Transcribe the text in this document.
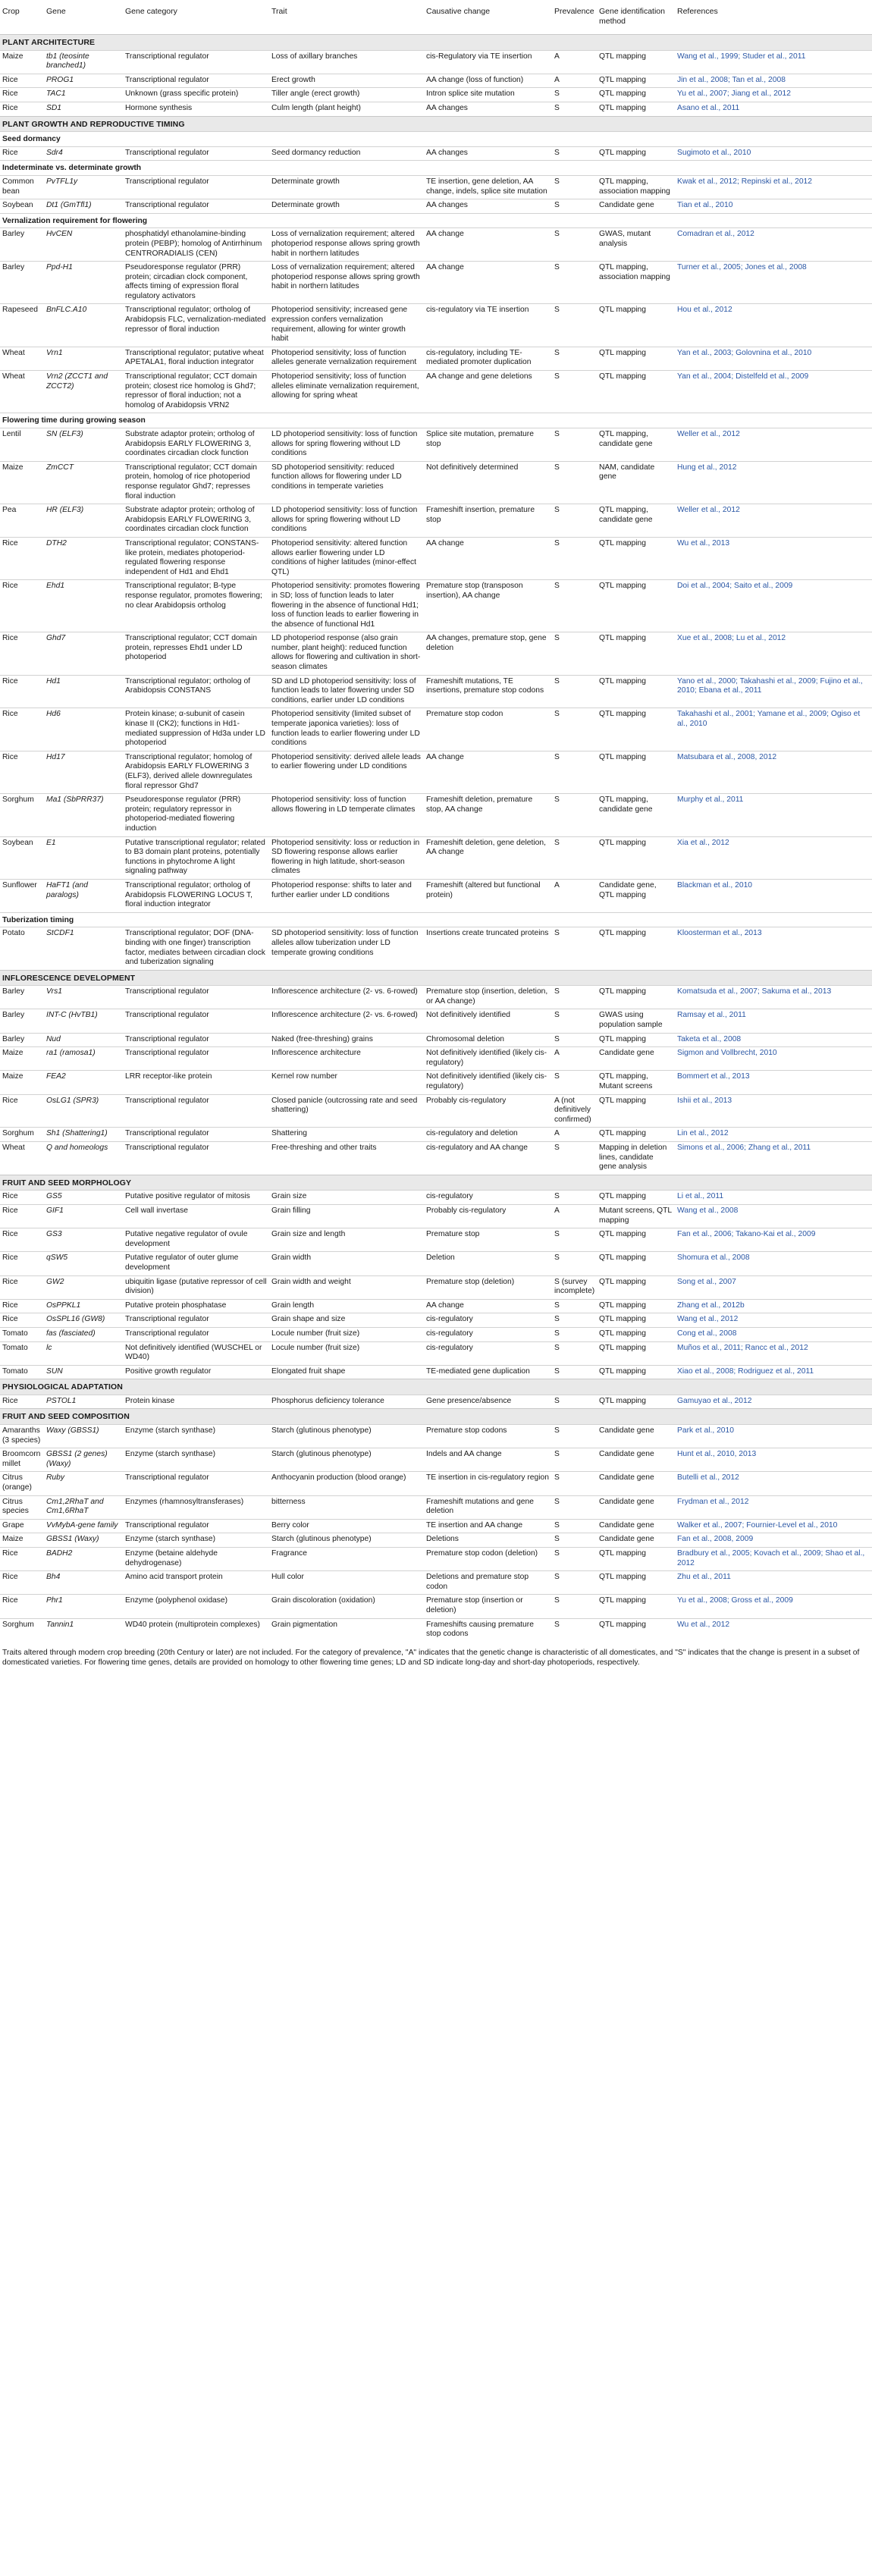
Crop	Gene	Gene category	Trait	Causative change	Prevalence	Gene identification method	References
PLANT ARCHITECTURE							
Maize	tb1 (teosinte branched1)	Transcriptional regulator	Loss of axillary branches	cis-Regulatory via TE insertion	A	QTL mapping	Wang et al., 1999; Studer et al., 2011
Rice	PROG1	Transcriptional regulator	Erect growth	AA change (loss of function)	A	QTL mapping	Jin et al., 2008; Tan et al., 2008
Rice	TAC1	Unknown (grass specific protein)	Tiller angle (erect growth)	Intron splice site mutation	S	QTL mapping	Yu et al., 2007; Jiang et al., 2012
Rice	SD1	Hormone synthesis	Culm length (plant height)	AA changes	S	QTL mapping	Asano et al., 2011
PLANT GROWTH AND REPRODUCTIVE TIMING							
Seed dormancy							
Rice	Sdr4	Transcriptional regulator	Seed dormancy reduction	AA changes	S	QTL mapping	Sugimoto et al., 2010
Indeterminate vs. determinate growth							
Common bean	PvTFL1y	Transcriptional regulator	Determinate growth	TE insertion, gene deletion, AA change, indels, splice site mutation	S	QTL mapping, association mapping	Kwak et al., 2012; Repinski et al., 2012
Soybean	Dt1 (GmTfl1)	Transcriptional regulator	Determinate growth	AA changes	S	Candidate gene	Tian et al., 2010
Vernalization requirement for flowering							
Barley	HvCEN	phosphatidyl ethanolamine-binding protein (PEBP); homolog of Antirrhinum CENTRORADIALIS (CEN)	Loss of vernalization requirement; altered photoperiod response allows spring growth habit in northern latitudes	AA change	S	GWAS, mutant analysis	Comadran et al., 2012
Barley	Ppd-H1	Pseudoresponse regulator (PRR) protein; circadian clock component, affects timing of expression floral regulatory activators	Loss of vernalization requirement; altered photoperiod response allows spring growth habit in northern latitudes	AA change	S	QTL mapping, association mapping	Turner et al., 2005; Jones et al., 2008
Rapeseed	BnFLC.A10	Transcriptional regulator; ortholog of Arabidopsis FLC, vernalization-mediated repressor of floral induction	Photoperiod sensitivity; increased gene expression confers vernalization requirement, allowing for winter growth habit	cis-regulatory via TE insertion	S	QTL mapping	Hou et al., 2012
Wheat	Vrn1	Transcriptional regulator; putative wheat APETALA1, floral induction integrator	Photoperiod sensitivity; loss of function alleles generate vernalization requirement	cis-regulatory, including TE-mediated promoter duplication	S	QTL mapping	Yan et al., 2003; Golovnina et al., 2010
Wheat	Vrn2 (ZCCT1 and ZCCT2)	Transcriptional regulator; CCT domain protein; closest rice homolog is Ghd7; repressor of floral induction; not a homolog of Arabidopsis VRN2	Photoperiod sensitivity; loss of function alleles eliminate vernalization requirement, allowing for spring wheat	AA change and gene deletions	S	QTL mapping	Yan et al., 2004; Distelfeld et al., 2009
Flowering time during growing season							
Lentil	SN (ELF3)	Substrate adaptor protein; ortholog of Arabidopsis EARLY FLOWERING 3, coordinates circadian clock function	LD photoperiod sensitivity: loss of function allows for spring flowering without LD conditions	Splice site mutation, premature stop	S	QTL mapping, candidate gene	Weller et al., 2012
Maize	ZmCCT	Transcriptional regulator; CCT domain protein, homolog of rice photoperiod response regulator Ghd7; represses floral induction	SD photoperiod sensitivity: reduced function allows for flowering under LD conditions in temperate varieties	Not definitively determined	S	NAM, candidate gene	Hung et al., 2012
Pea	HR (ELF3)	Substrate adaptor protein; ortholog of Arabidopsis EARLY FLOWERING 3, coordinates circadian clock function	LD photoperiod sensitivity: loss of function allows for spring flowering without LD conditions	Frameshift insertion, premature stop	S	QTL mapping, candidate gene	Weller et al., 2012
Rice	DTH2	Transcriptional regulator; CONSTANS-like protein, mediates photoperiod-regulated flowering response independent of Hd1 and Ehd1	Photoperiod sensitivity: altered function allows earlier flowering under LD conditions of higher latitudes (minor-effect QTL)	AA change	S	QTL mapping	Wu et al., 2013
Rice	Ehd1	Transcriptional regulator; B-type response regulator, promotes flowering; no clear Arabidopsis ortholog	Photoperiod sensitivity: promotes flowering in SD; loss of function leads to later flowering in the absence of functional Hd1; loss of function leads to earlier flowering in the absence of functional Hd1	Premature stop (transposon insertion), AA change	S	QTL mapping	Doi et al., 2004; Saito et al., 2009
Rice	Ghd7	Transcriptional regulator; CCT domain protein, represses Ehd1 under LD photoperiod	LD photoperiod response (also grain number, plant height): reduced function allows for flowering and cultivation in short-season climates	AA changes, premature stop, gene deletion	S	QTL mapping	Xue et al., 2008; Lu et al., 2012
Rice	Hd1	Transcriptional regulator; ortholog of Arabidopsis CONSTANS	SD and LD photoperiod sensitivity: loss of function leads to later flowering under SD conditions, earlier under LD conditions	Frameshift mutations, TE insertions, premature stop codons	S	QTL mapping	Yano et al., 2000; Takahashi et al., 2009; Fujino et al., 2010; Ebana et al., 2011
Rice	Hd6	Protein kinase; α-subunit of casein kinase II (CK2); functions in Hd1-mediated suppression of Hd3a under LD photoperiod	Photoperiod sensitivity (limited subset of temperate japonica varieties): loss of function leads to earlier flowering under LD conditions	Premature stop codon	S	QTL mapping	Takahashi et al., 2001; Yamane et al., 2009; Ogiso et al., 2010
Rice	Hd17	Transcriptional regulator; homolog of Arabidopsis EARLY FLOWERING 3 (ELF3), derived allele downregulates floral repressor Ghd7	Photoperiod sensitivity: derived allele leads to earlier flowering under LD conditions	AA change	S	QTL mapping	Matsubara et al., 2008, 2012
Sorghum	Ma1 (SbPRR37)	Pseudoresponse regulator (PRR) protein; regulatory repressor in photoperiod-mediated flowering induction	Photoperiod sensitivity: loss of function allows flowering in LD temperate climates	Frameshift deletion, premature stop, AA change	S	QTL mapping, candidate gene	Murphy et al., 2011
Soybean	E1	Putative transcriptional regulator; related to B3 domain plant proteins, potentially functions in phytochrome A light signaling pathway	Photoperiod sensitivity: loss or reduction in SD flowering response allows earlier flowering in high latitude, short-season climates	Frameshift deletion, gene deletion, AA change	S	QTL mapping	Xia et al., 2012
Sunflower	HaFT1 (and paralogs)	Transcriptional regulator; ortholog of Arabidopsis FLOWERING LOCUS T, floral induction integrator	Photoperiod response: shifts to later and further earlier under LD conditions	Frameshift (altered but functional protein)	A	Candidate gene, QTL mapping	Blackman et al., 2010
Tuberization timing							
Potato	StCDF1	Transcriptional regulator; DOF (DNA-binding with one finger) transcription factor, mediates between circadian clock and tuberization signaling	SD photoperiod sensitivity: loss of function alleles allow tuberization under LD temperate growing conditions	Insertions create truncated proteins	S	QTL mapping	Kloosterman et al., 2013
INFLORESCENCE DEVELOPMENT							
Barley	Vrs1	Transcriptional regulator	Inflorescence architecture (2- vs. 6-rowed)	Premature stop (insertion, deletion, or AA change)	S	QTL mapping	Komatsuda et al., 2007; Sakuma et al., 2013
Barley	INT-C (HvTB1)	Transcriptional regulator	Inflorescence architecture (2- vs. 6-rowed)	Not definitively identified	S	GWAS using population sample	Ramsay et al., 2011
Barley	Nud	Transcriptional regulator	Naked (free-threshing) grains	Chromosomal deletion	S	QTL mapping	Taketa et al., 2008
Maize	ra1 (ramosa1)	Transcriptional regulator	Inflorescence architecture	Not definitively identified (likely cis-regulatory)	A	Candidate gene	Sigmon and Vollbrecht, 2010
Maize	FEA2	LRR receptor-like protein	Kernel row number	Not definitively identified (likely cis-regulatory)	S	QTL mapping, Mutant screens	Bommert et al., 2013
Rice	OsLG1 (SPR3)	Transcriptional regulator	Closed panicle (outcrossing rate and seed shattering)	Probably cis-regulatory	A (not definitively confirmed)	QTL mapping	Ishii et al., 2013
Sorghum	Sh1 (Shattering1)	Transcriptional regulator	Shattering	cis-regulatory and deletion	A	QTL mapping	Lin et al., 2012
Wheat	Q and homeologs	Transcriptional regulator	Free-threshing and other traits	cis-regulatory and AA change	S	Mapping in deletion lines, candidate gene analysis	Simons et al., 2006; Zhang et al., 2011
FRUIT AND SEED MORPHOLOGY							
Rice	GS5	Putative positive regulator of mitosis	Grain size	cis-regulatory	S	QTL mapping	Li et al., 2011
Rice	GIF1	Cell wall invertase	Grain filling	Probably cis-regulatory	A	Mutant screens, QTL mapping	Wang et al., 2008
Rice	GS3	Putative negative regulator of ovule development	Grain size and length	Premature stop	S	QTL mapping	Fan et al., 2006; Takano-Kai et al., 2009
Rice	qSW5	Putative regulator of outer glume development	Grain width	Deletion	S	QTL mapping	Shomura et al., 2008
Rice	GW2	ubiquitin ligase (putative repressor of cell division)	Grain width and weight	Premature stop (deletion)	S (survey incomplete)	QTL mapping	Song et al., 2007
Rice	OsPPKL1	Putative protein phosphatase	Grain length	AA change	S	QTL mapping	Zhang et al., 2012b
Rice	OsSPL16 (GW8)	Transcriptional regulator	Grain shape and size	cis-regulatory	S	QTL mapping	Wang et al., 2012
Tomato	fas (fasciated)	Transcriptional regulator	Locule number (fruit size)	cis-regulatory	S	QTL mapping	Cong et al., 2008
Tomato	lc	Not definitively identified (WUSCHEL or WD40)	Locule number (fruit size)	cis-regulatory	S	QTL mapping	Muños et al., 2011; Rancc et al., 2012
Tomato	SUN	Positive growth regulator	Elongated fruit shape	TE-mediated gene duplication	S	QTL mapping	Xiao et al., 2008; Rodriguez et al., 2011
PHYSIOLOGICAL ADAPTATION							
Rice	PSTOL1	Protein kinase	Phosphorus deficiency tolerance	Gene presence/absence	S	QTL mapping	Gamuyao et al., 2012
FRUIT AND SEED COMPOSITION							
Amaranths (3 species)	Waxy (GBSS1)	Enzyme (starch synthase)	Starch (glutinous phenotype)	Premature stop codons	S	Candidate gene	Park et al., 2010
Broomcorn millet	GBSS1 (2 genes) (Waxy)	Enzyme (starch synthase)	Starch (glutinous phenotype)	Indels and AA change	S	Candidate gene	Hunt et al., 2010, 2013
Citrus (orange)	Ruby	Transcriptional regulator	Anthocyanin production (blood orange)	TE insertion in cis-regulatory region	S	Candidate gene	Butelli et al., 2012
Citrus species	Cm1,2RhaT and Cm1,6RhaT	Enzymes (rhamnosyltransferases)	bitterness	Frameshift mutations and gene deletion	S	Candidate gene	Frydman et al., 2012
Grape	VvMybA-gene family	Transcriptional regulator	Berry color	TE insertion and AA change	S	Candidate gene	Walker et al., 2007; Fournier-Level et al., 2010
Maize	GBSS1 (Waxy)	Enzyme (starch synthase)	Starch (glutinous phenotype)	Deletions	S	Candidate gene	Fan et al., 2008, 2009
Rice	BADH2	Enzyme (betaine aldehyde dehydrogenase)	Fragrance	Premature stop codon (deletion)	S	QTL mapping	Bradbury et al., 2005; Kovach et al., 2009; Shao et al., 2012
Rice	Bh4	Amino acid transport protein	Hull color	Deletions and premature stop codon	S	QTL mapping	Zhu et al., 2011
Rice	Phr1	Enzyme (polyphenol oxidase)	Grain discoloration (oxidation)	Premature stop (insertion or deletion)	S	QTL mapping	Yu et al., 2008; Gross et al., 2009
Sorghum	Tannin1	WD40 protein (multiprotein complexes)	Grain pigmentation	Frameshifts causing premature stop codons	S	QTL mapping	Wu et al., 2012
Traits altered through modern crop breeding (20th Century or later) are not included. For the category of prevalence, "A" indicates that the genetic change is characteristic of all domesticates, and "S" indicates that the change is present in a subset of domesticated varieties. For flowering time genes, details are provided on homology to other flowering time genes; LD and SD indicate long-day and short-day photoperiods, respectively.
